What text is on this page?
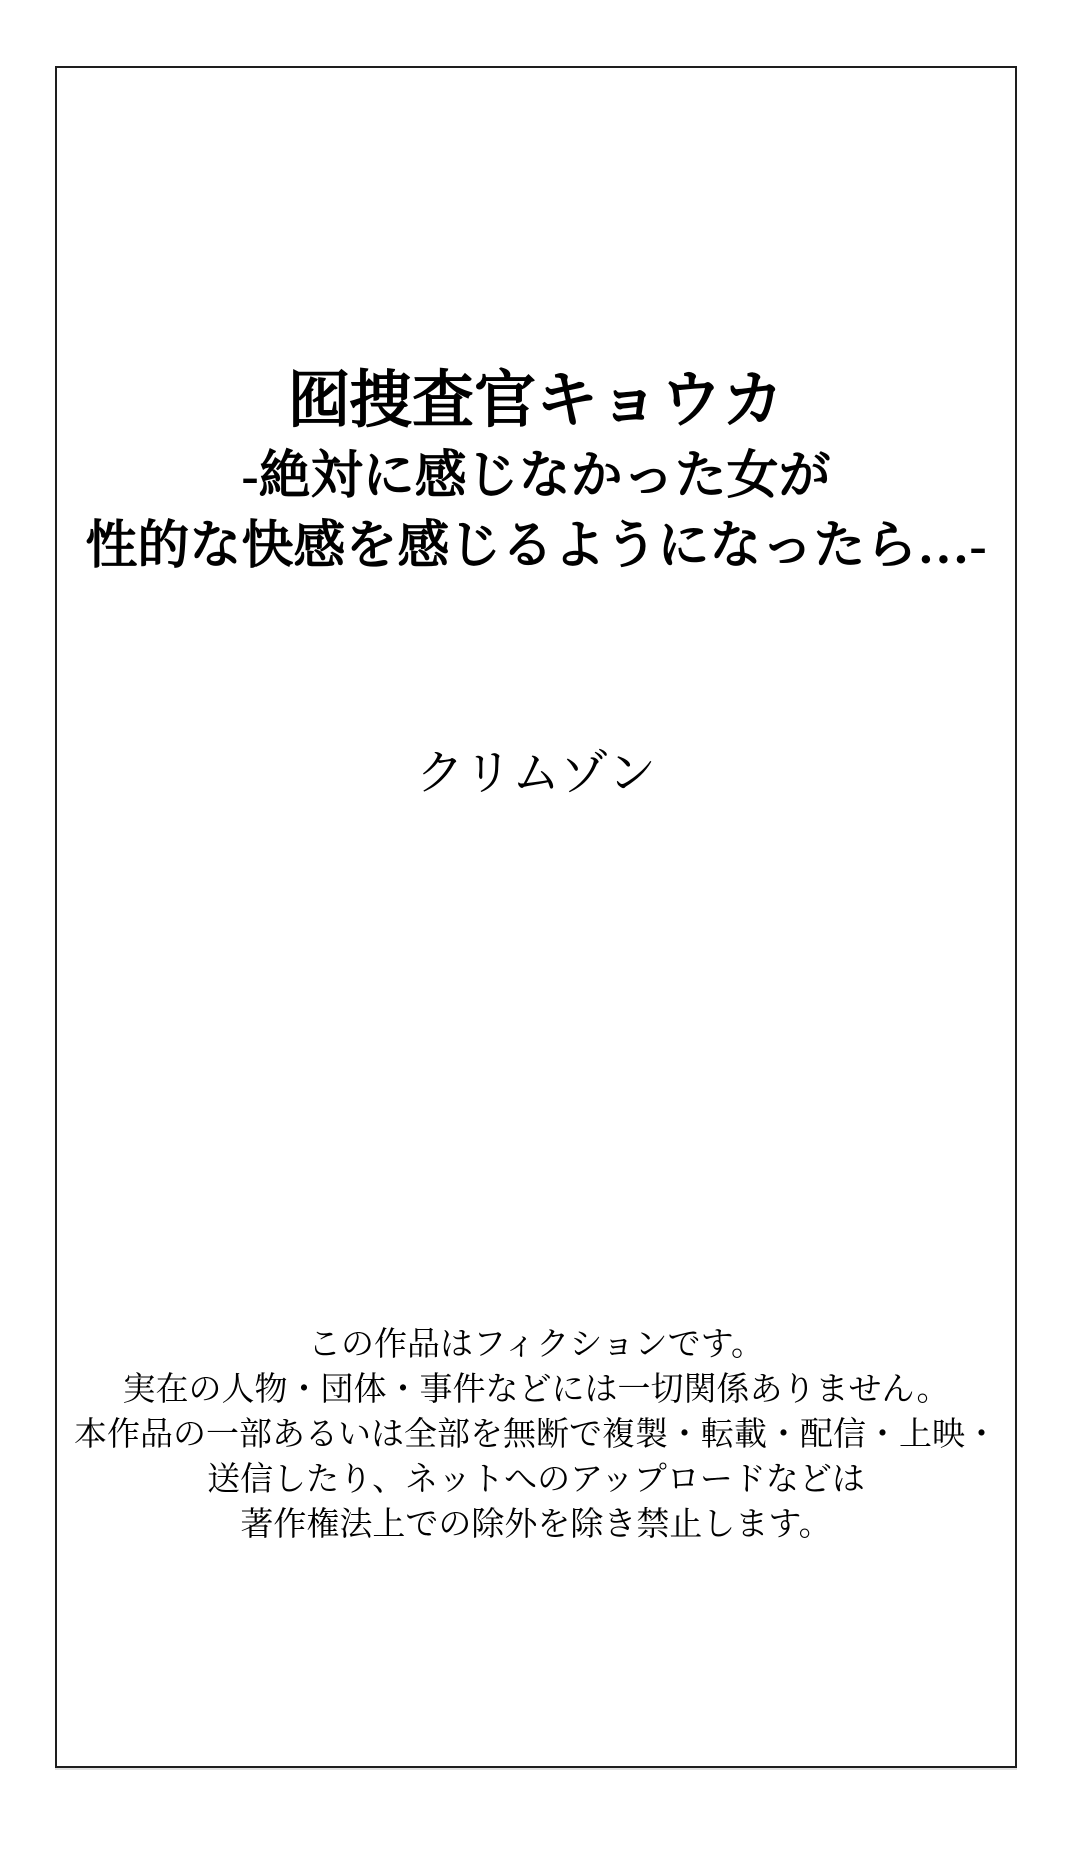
囮捜査官キョウカ
-絶対に感じなかった女が
性的な快感を感じるようになったら…-
クリムゾン
この作品はフィクションです。
実在の人物・団体・事件などには一切関係ありません。
本作品の一部あるいは全部を無断で複製・転載・配信・上映・
送信したり、ネットへのアップロードなどは
著作権法上での除外を除き禁止します。
